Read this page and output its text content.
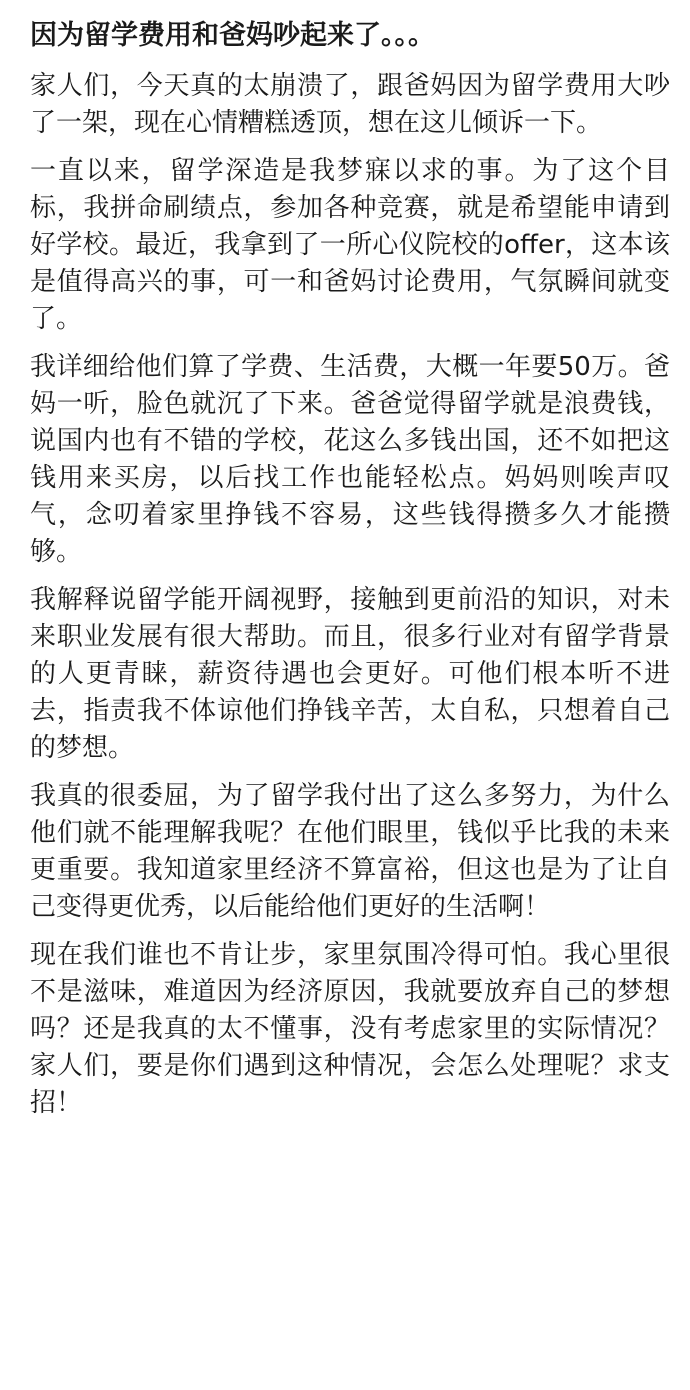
因为留学费用和爸妈吵起来了。。。

家人们，今天真的太崩溃了，跟爸妈因为留学费用大吵了一架，现在心情糟糕透顶，想在这儿倾诉一下。

一直以来，留学深造是我梦寐以求的事。为了这个目标，我拼命刷绩点，参加各种竞赛，就是希望能申请到好学校。最近，我拿到了一所心仪院校的offer，这本该是值得高兴的事，可一和爸妈讨论费用，气氛瞬间就变了。

我详细给他们算了学费、生活费，大概一年要50万。爸妈一听，脸色就沉了下来。爸爸觉得留学就是浪费钱，说国内也有不错的学校，花这么多钱出国，还不如把这钱用来买房，以后找工作也能轻松点。妈妈则唉声叹气，念叨着家里挣钱不容易，这些钱得攒多久才能攒够。

我解释说留学能开阔视野，接触到更前沿的知识，对未来职业发展有很大帮助。而且，很多行业对有留学背景的人更青睐，薪资待遇也会更好。可他们根本听不进去，指责我不体谅他们挣钱辛苦，太自私，只想着自己的梦想。

我真的很委屈，为了留学我付出了这么多努力，为什么他们就不能理解我呢？在他们眼里，钱似乎比我的未来更重要。我知道家里经济不算富裕，但这也是为了让自己变得更优秀，以后能给他们更好的生活啊！

现在我们谁也不肯让步，家里氛围冷得可怕。我心里很不是滋味，难道因为经济原因，我就要放弃自己的梦想吗？还是我真的太不懂事，没有考虑家里的实际情况？家人们，要是你们遇到这种情况，会怎么处理呢？求支招！
